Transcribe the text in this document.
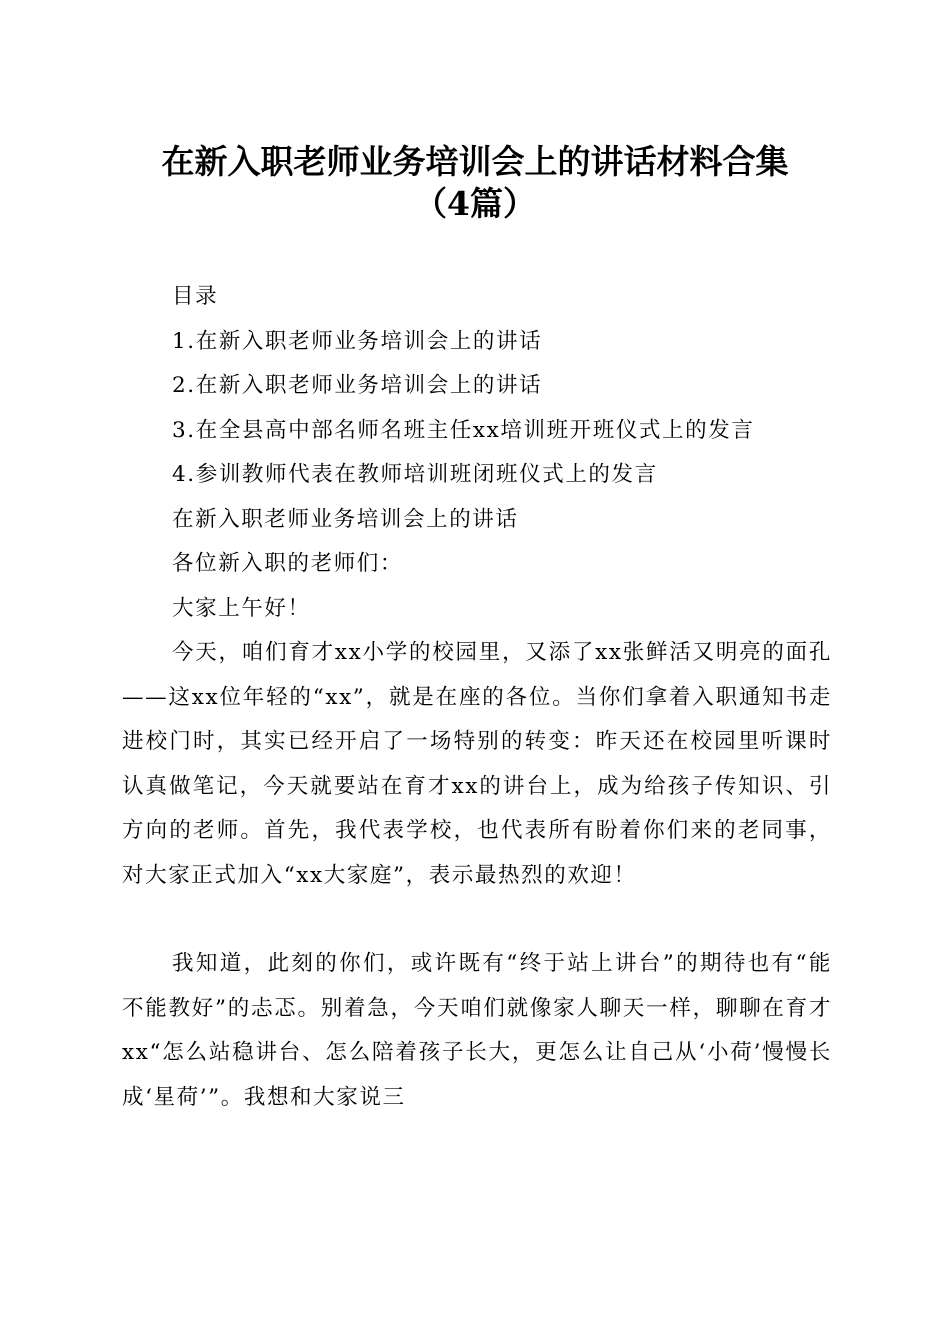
在新入职老师业务培训会上的讲话材料合集
（4篇）

目录

1.在新入职老师业务培训会上的讲话

2.在新入职老师业务培训会上的讲话

3.在全县高中部名师名班主任xx培训班开班仪式上的发言

4.参训教师代表在教师培训班闭班仪式上的发言

在新入职老师业务培训会上的讲话

各位新入职的老师们：

大家上午好！

今天，咱们育才xx小学的校园里，又添了xx张鲜活又明亮的面孔——这xx位年轻的“xx”，就是在座的各位。当你们拿着入职通知书走进校门时，其实已经开启了一场特别的转变：昨天还在校园里听课时认真做笔记，今天就要站在育才xx的讲台上，成为给孩子传知识、引方向的老师。首先，我代表学校，也代表所有盼着你们来的老同事，对大家正式加入“xx大家庭”，表示最热烈的欢迎！

我知道，此刻的你们，或许既有“终于站上讲台”的期待也有“能不能教好”的忐忑。别着急，今天咱们就像家人聊天一样，聊聊在育才xx“怎么站稳讲台、怎么陪着孩子长大，更怎么让自己从‘小荷’慢慢长成‘星荷’”。我想和大家说三
